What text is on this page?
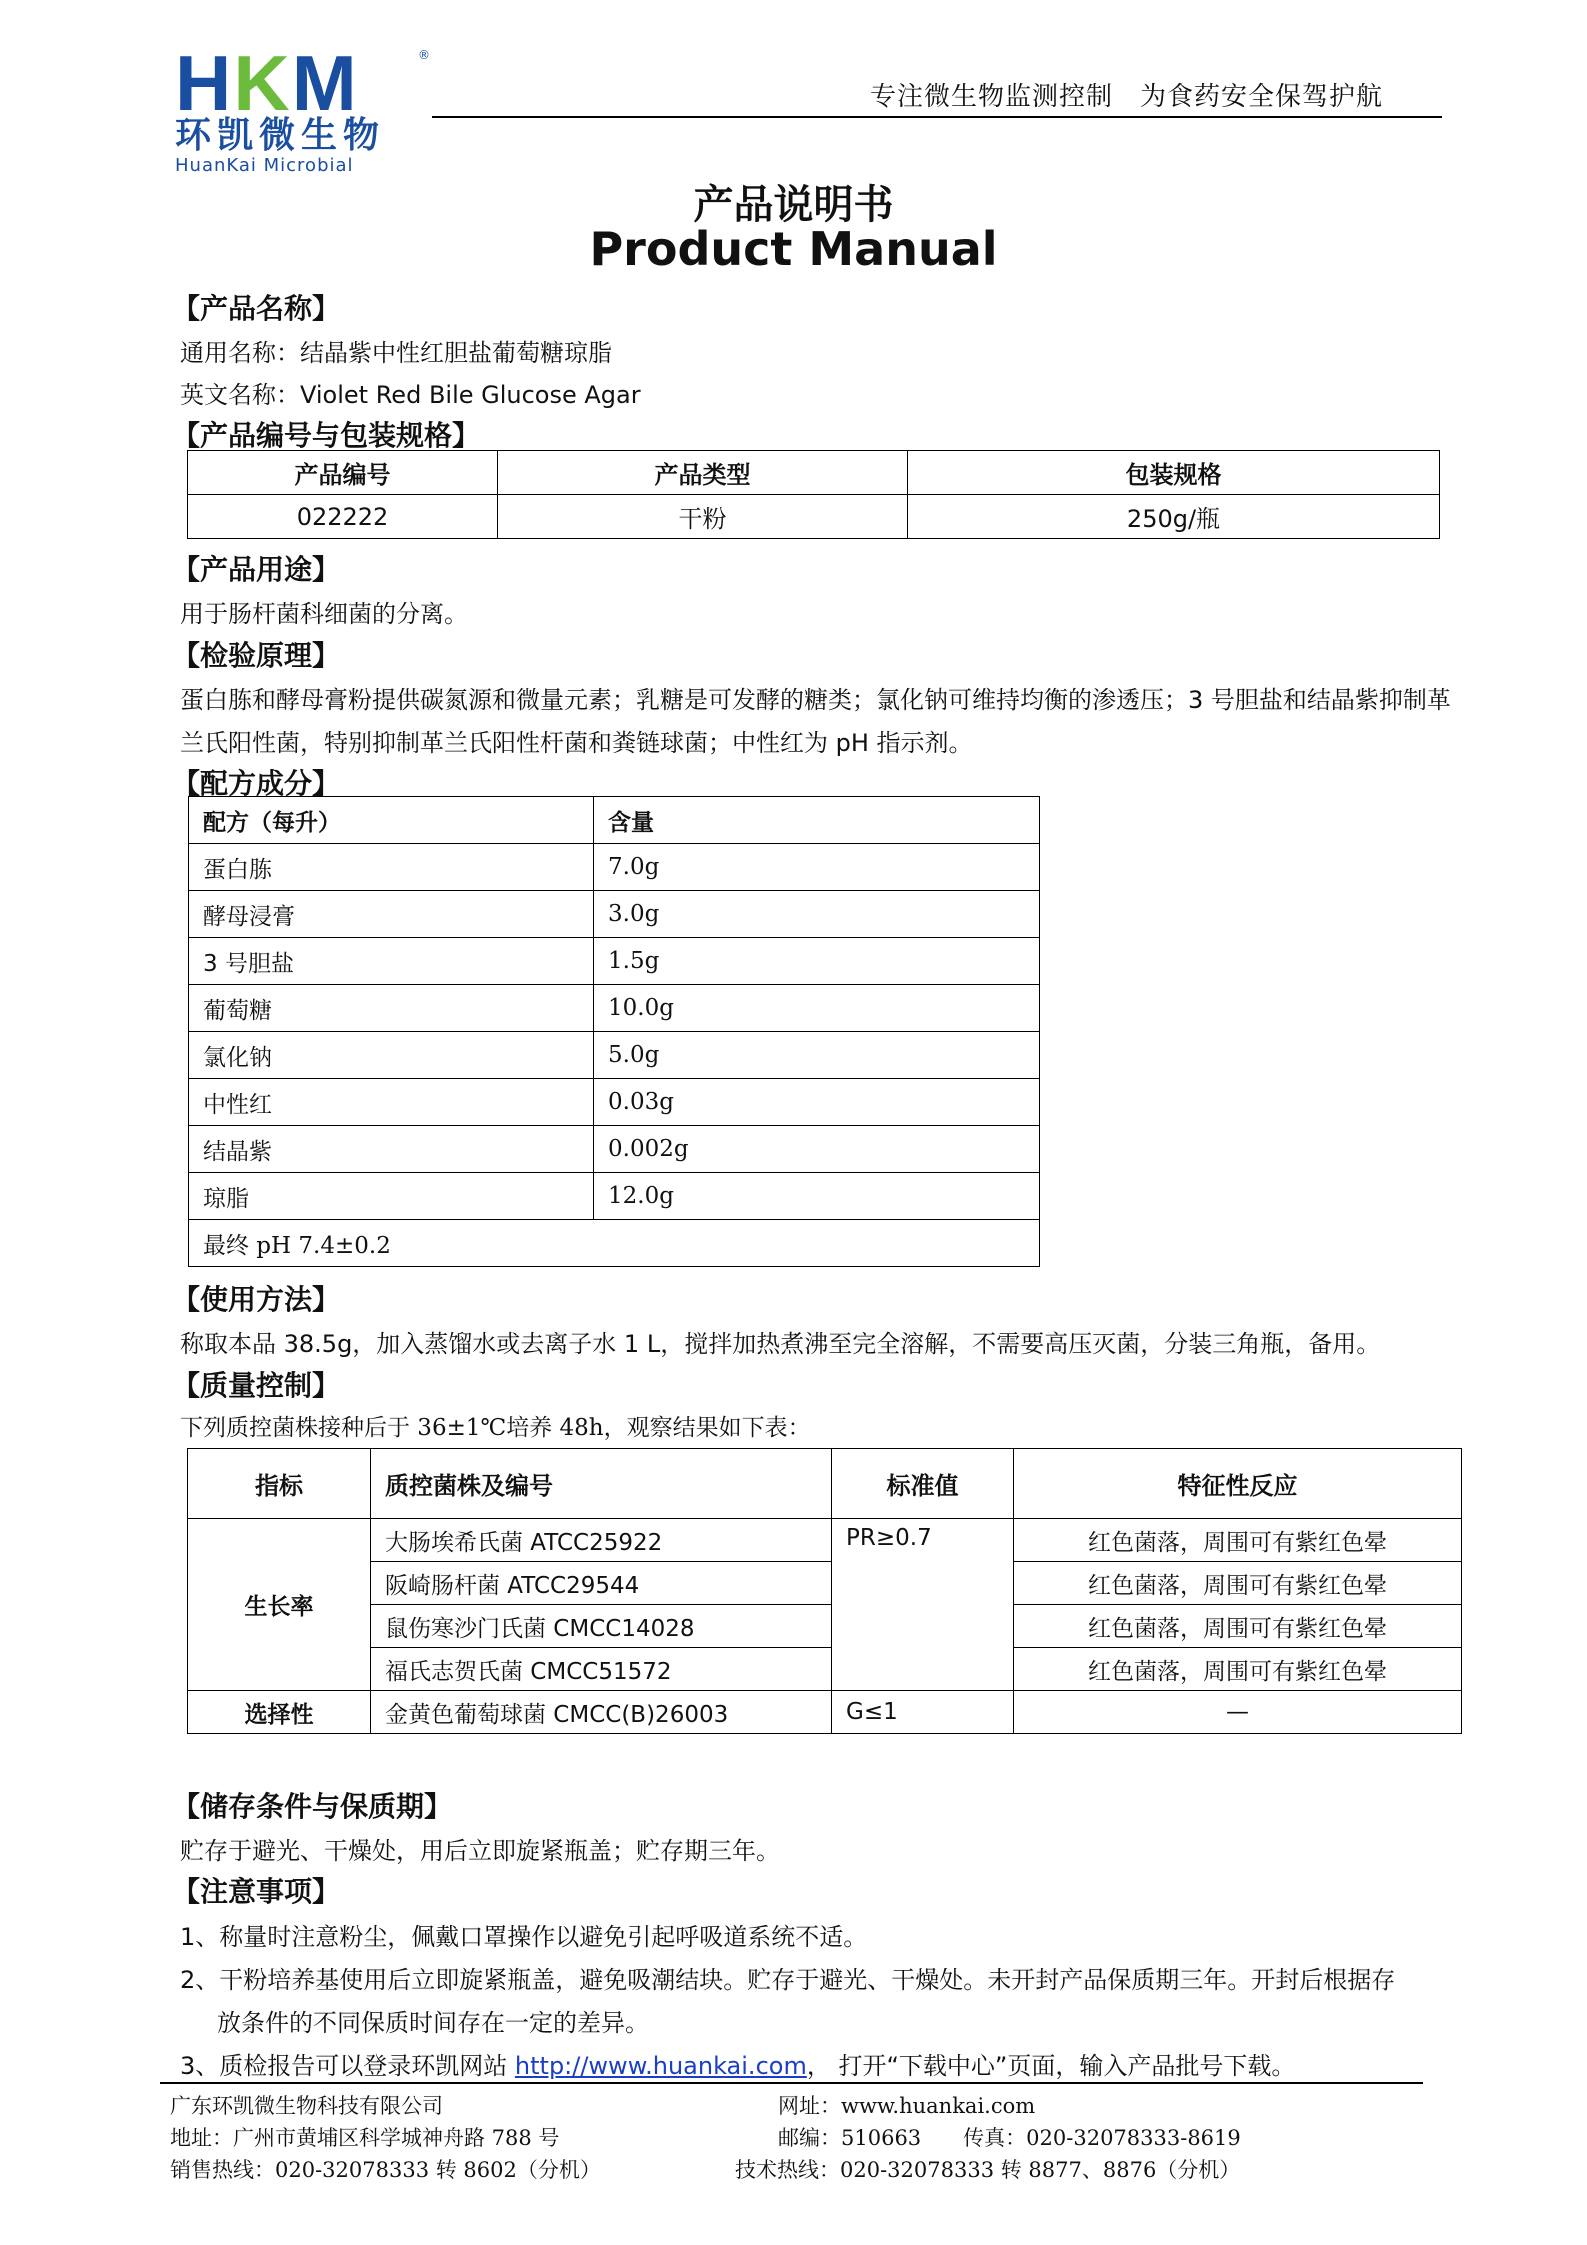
HKM	®
环凯微生物
HuanKai Microbial
专注微生物监测控制　为食药安全保驾护航
产品说明书
Product Manual
【产品名称】
通用名称：结晶紫中性红胆盐葡萄糖琼脂
英文名称：Violet Red Bile Glucose Agar
【产品编号与包装规格】
产品编号	产品类型	包装规格
022222	干粉	250g/瓶
【产品用途】
用于肠杆菌科细菌的分离。
【检验原理】
蛋白胨和酵母膏粉提供碳氮源和微量元素；乳糖是可发酵的糖类；氯化钠可维持均衡的渗透压；3 号胆盐和结晶紫抑制革
兰氏阳性菌，特别抑制革兰氏阳性杆菌和粪链球菌；中性红为 pH 指示剂。
【配方成分】
配方（每升）	含量
蛋白胨	7.0g
酵母浸膏	3.0g
3 号胆盐	1.5g
葡萄糖	10.0g
氯化钠	5.0g
中性红	0.03g
结晶紫	0.002g
琼脂	12.0g
最终 pH 7.4±0.2	
【使用方法】
称取本品 38.5g，加入蒸馏水或去离子水 1 L，搅拌加热煮沸至完全溶解，不需要高压灭菌，分装三角瓶，备用。
【质量控制】
下列质控菌株接种后于 36±1℃培养 48h，观察结果如下表：
指标	质控菌株及编号	标准值	特征性反应
生长率	大肠埃希氏菌 ATCC25922	PR≥0.7	红色菌落，周围可有紫红色晕
	阪崎肠杆菌 ATCC29544		红色菌落，周围可有紫红色晕
	鼠伤寒沙门氏菌 CMCC14028		红色菌落，周围可有紫红色晕
	福氏志贺氏菌 CMCC51572		红色菌落，周围可有紫红色晕
选择性	金黄色葡萄球菌 CMCC(B)26003	G≤1	—
【储存条件与保质期】
贮存于避光、干燥处，用后立即旋紧瓶盖；贮存期三年。
【注意事项】
1、称量时注意粉尘，佩戴口罩操作以避免引起呼吸道系统不适。
2、干粉培养基使用后立即旋紧瓶盖，避免吸潮结块。贮存于避光、干燥处。未开封产品保质期三年。开封后根据存
放条件的不同保质时间存在一定的差异。
3、质检报告可以登录环凯网站 http://www.huankai.com， 打开“下载中心”页面，输入产品批号下载。
广东环凯微生物科技有限公司	网址：www.huankai.com
地址：广州市黄埔区科学城神舟路 788 号	邮编：510663　　传真：020-32078333-8619
销售热线：020-32078333 转 8602（分机）	技术热线：020-32078333 转 8877、8876（分机）
